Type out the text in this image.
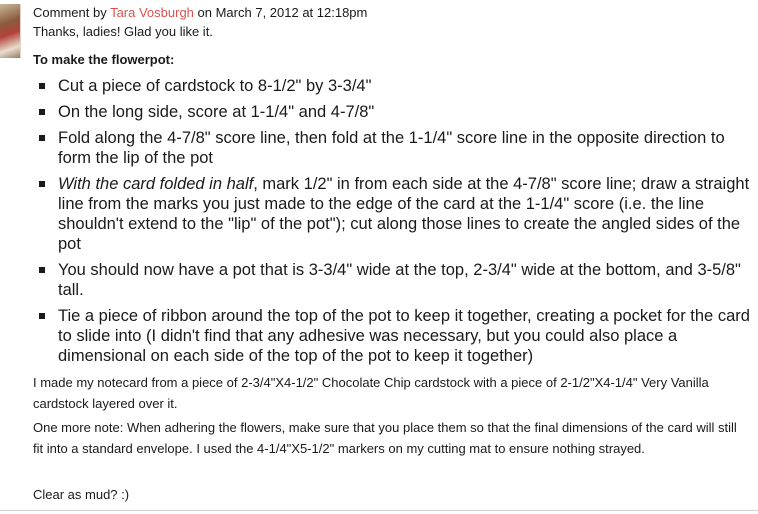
Comment by Tara Vosburgh on March 7, 2012 at 12:18pm
Thanks, ladies! Glad you like it.
To make the flowerpot:
Cut a piece of cardstock to 8-1/2" by 3-3/4"
On the long side, score at 1-1/4" and 4-7/8"
Fold along the 4-7/8" score line, then fold at the 1-1/4" score line in the opposite direction to form the lip of the pot
With the card folded in half, mark 1/2" in from each side at the 4-7/8" score line; draw a straight line from the marks you just made to the edge of the card at the 1-1/4" score (i.e. the line shouldn't extend to the "lip" of the pot"); cut along those lines to create the angled sides of the pot
You should now have a pot that is 3-3/4" wide at the top, 2-3/4" wide at the bottom, and 3-5/8" tall.
Tie a piece of ribbon around the top of the pot to keep it together, creating a pocket for the card to slide into (I didn't find that any adhesive was necessary, but you could also place a dimensional on each side of the top of the pot to keep it together)
I made my notecard from a piece of 2-3/4"X4-1/2" Chocolate Chip cardstock with a piece of 2-1/2"X4-1/4" Very Vanilla cardstock layered over it.
One more note: When adhering the flowers, make sure that you place them so that the final dimensions of the card will still fit into a standard envelope. I used the 4-1/4"X5-1/2" markers on my cutting mat to ensure nothing strayed.
Clear as mud? :)
